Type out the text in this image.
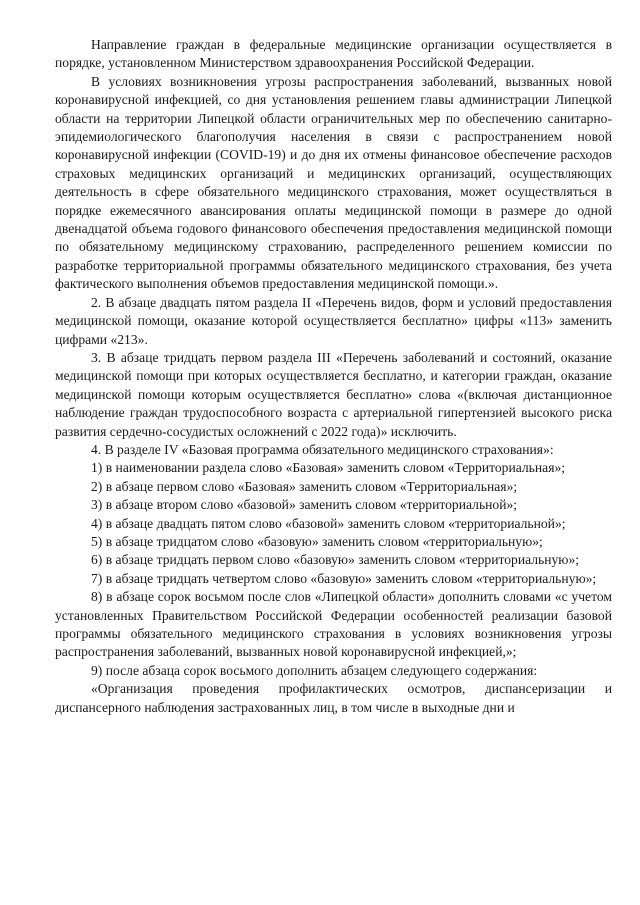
Направление граждан в федеральные медицинские организации осуществляется в порядке, установленном Министерством здравоохранения Российской Федерации.

В условиях возникновения угрозы распространения заболеваний, вызванных новой коронавирусной инфекцией, со дня установления решением главы администрации Липецкой области на территории Липецкой области ограничительных мер по обеспечению санитарно-эпидемиологического благополучия населения в связи с распространением новой коронавирусной инфекции (COVID-19) и до дня их отмены финансовое обеспечение расходов страховых медицинских организаций и медицинских организаций, осуществляющих деятельность в сфере обязательного медицинского страхования, может осуществляться в порядке ежемесячного авансирования оплаты медицинской помощи в размере до одной двенадцатой объема годового финансового обеспечения предоставления медицинской помощи по обязательному медицинскому страхованию, распределенного решением комиссии по разработке территориальной программы обязательного медицинского страхования, без учета фактического выполнения объемов предоставления медицинской помощи.».

2. В абзаце двадцать пятом раздела II «Перечень видов, форм и условий предоставления медицинской помощи, оказание которой осуществляется бесплатно» цифры «113» заменить цифрами «213».

3. В абзаце тридцать первом раздела III «Перечень заболеваний и состояний, оказание медицинской помощи при которых осуществляется бесплатно, и категории граждан, оказание медицинской помощи которым осуществляется бесплатно» слова «(включая дистанционное наблюдение граждан трудоспособного возраста с артериальной гипертензией высокого риска развития сердечно-сосудистых осложнений с 2022 года)» исключить.

4. В разделе IV «Базовая программа обязательного медицинского страхования»:

1) в наименовании раздела слово «Базовая» заменить словом «Территориальная»;

2) в абзаце первом слово «Базовая» заменить словом «Территориальная»;

3) в абзаце втором слово «базовой» заменить словом «территориальной»;

4) в абзаце двадцать пятом слово «базовой» заменить словом «территориальной»;

5) в абзаце тридцатом слово «базовую» заменить словом «территориальную»;

6) в абзаце тридцать первом слово «базовую» заменить словом «территориальную»;

7) в абзаце тридцать четвертом слово «базовую» заменить словом «территориальную»;

8) в абзаце сорок восьмом после слов «Липецкой области» дополнить словами «с учетом установленных Правительством Российской Федерации особенностей реализации базовой программы обязательного медицинского страхования в условиях возникновения угрозы распространения заболеваний, вызванных новой коронавирусной инфекцией,»;

9) после абзаца сорок восьмого дополнить абзацем следующего содержания:

«Организация проведения профилактических осмотров, диспансеризации и диспансерного наблюдения застрахованных лиц, в том числе в выходные дни и
